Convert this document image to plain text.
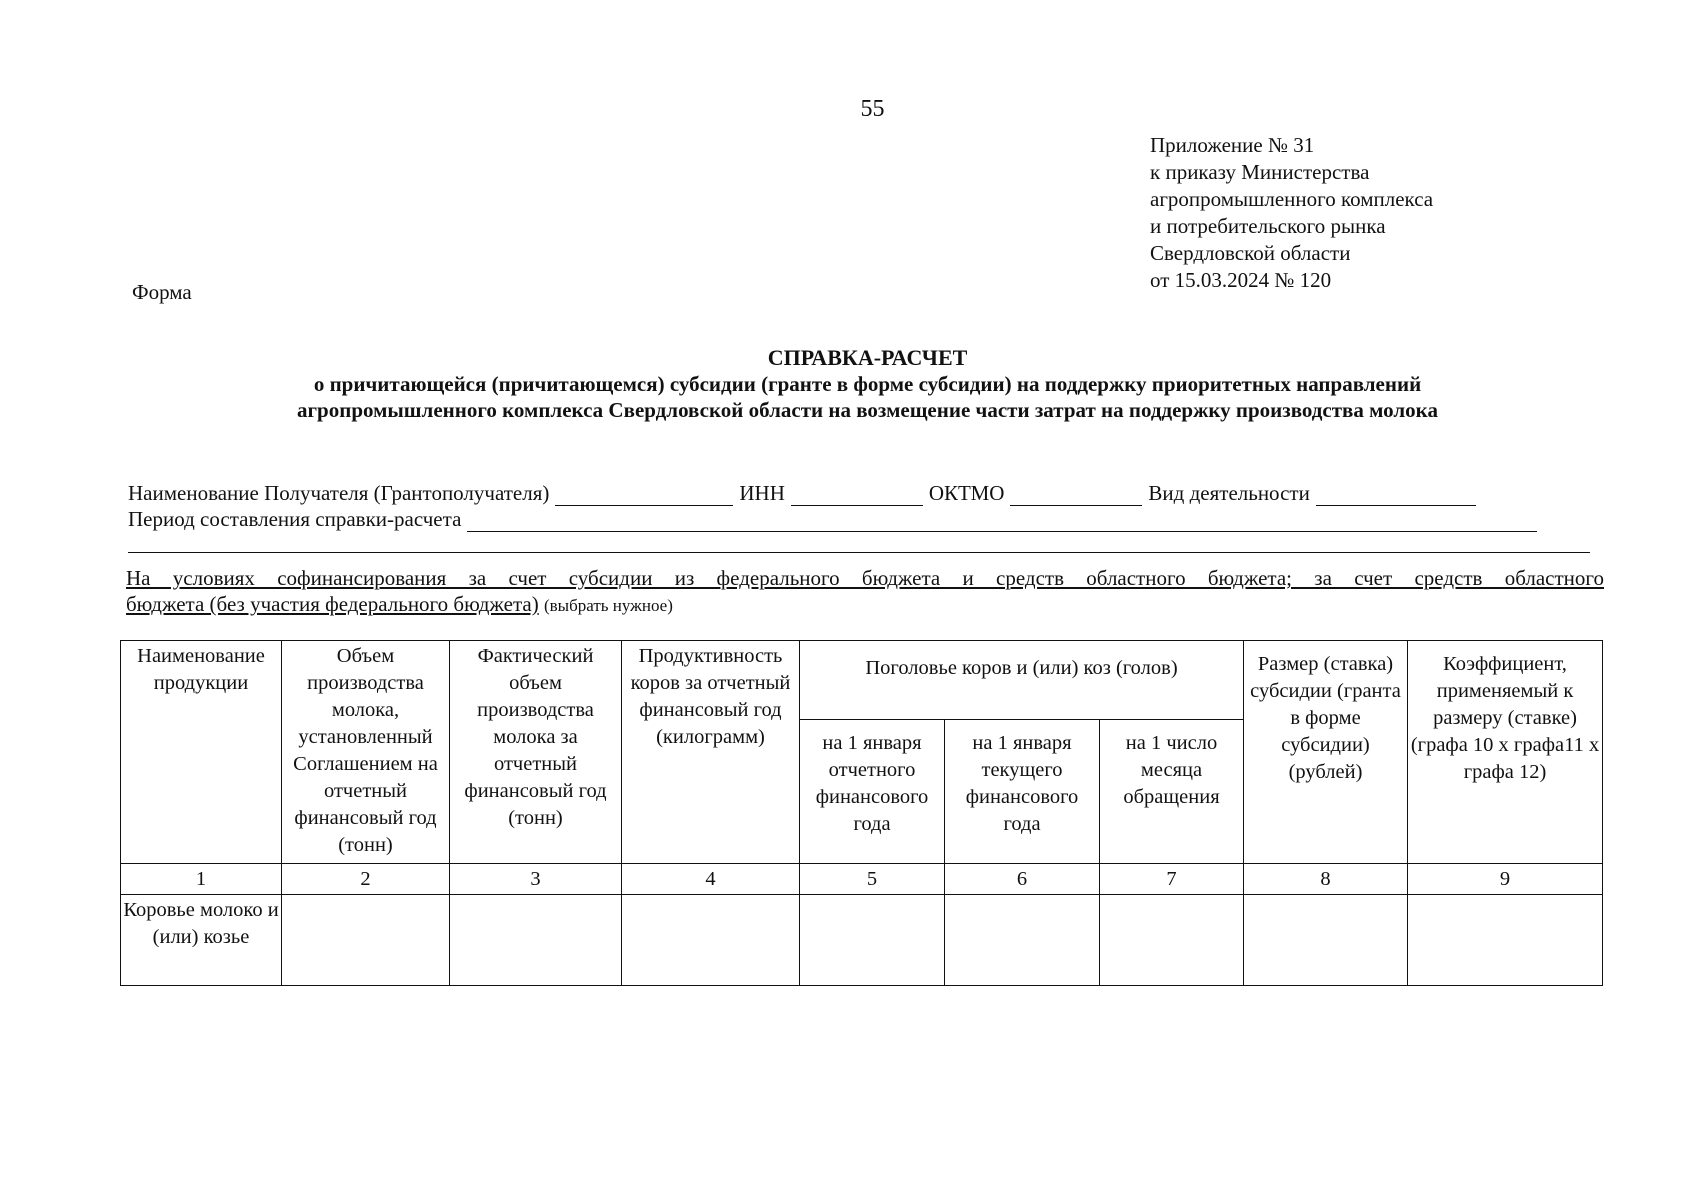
55
Приложение № 31
к приказу Министерства
агропромышленного комплекса
и потребительского рынка
Свердловской области
от 15.03.2024 № 120
Форма
СПРАВКА-РАСЧЕТ
о причитающейся (причитающемся) субсидии (гранте в форме субсидии) на поддержку приоритетных направлений
агропромышленного комплекса Свердловской области на возмещение части затрат на поддержку производства молока
Наименование Получателя (Грантополучателя)	ИНН	ОКТМО	Вид деятельности
Период составления справки-расчета
На условиях софинансирования за счет субсидии из федерального бюджета и средств областного бюджета; за счет средств областного
бюджета (без участия федерального бюджета) (выбрать нужное)
Наименование продукции	Объем производства молока, установленный Соглашением на отчетный финансовый год (тонн)	Фактический объем производства молока за отчетный финансовый год (тонн)	Продуктивность коров за отчетный финансовый год (килограмм)	Поголовье коров и (или) коз (голов)			Размер (ставка) субсидии (гранта в форме субсидии) (рублей)	Коэффициент, применяемый к размеру (ставке) (графа 10 х графа11 х графа 12)
				на 1 января отчетного финансового года	на 1 января текущего финансового года	на 1 число месяца обращения		
1	2	3	4	5	6	7	8	9
Коровье молоко и (или) козье								
